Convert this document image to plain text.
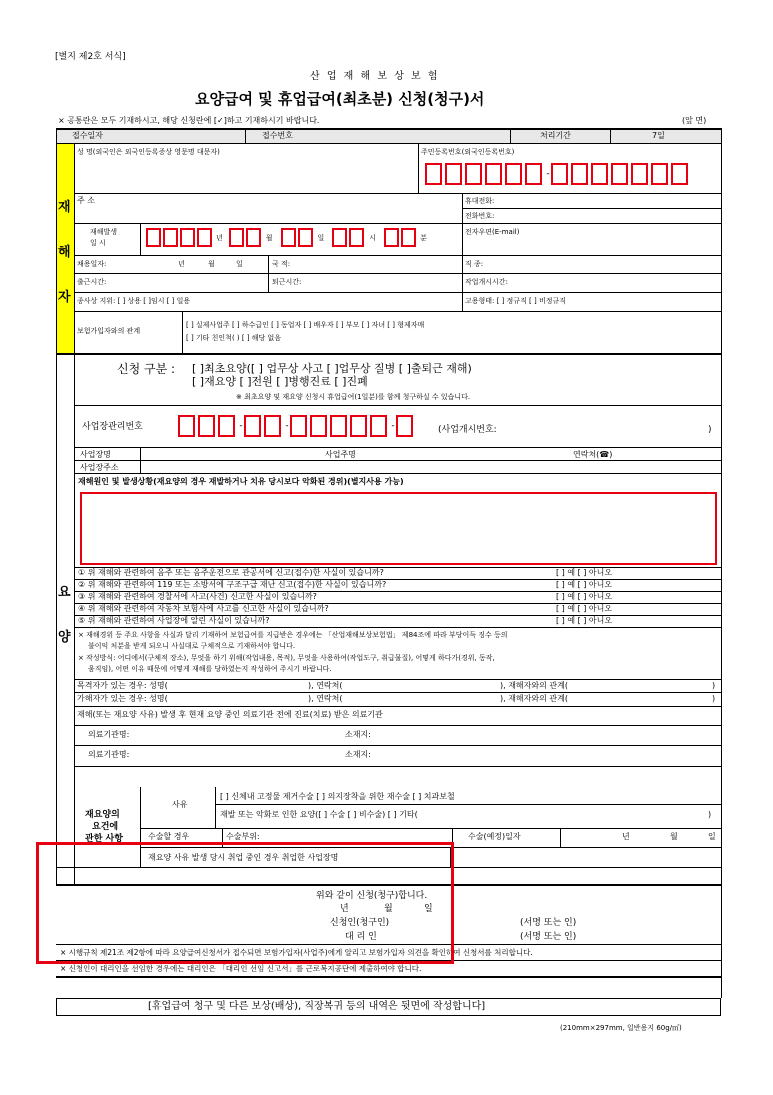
[별지 제2호 서식]
산 업 재 해 보 상 보 험
요양급여 및 휴업급여(최초분) 신청(청구)서
× 공통란은 모두 기재하시고, 해당 신청란에 [✓]하고 기재하시기 바랍니다.	(앞 면)
접수일자	접수번호	처리기간	7일
재
해
자
성 명(외국인은 외국인등록증상 영문명 대문자)	주민등록번호(외국인등록번호)
-
주 소	휴대전화:
전화번호:
재해발생
일 시
년	월	일	시	분
전자우편(E-mail)
채용일자:	년	월	일	국 적:	직 종:
출근시간:	퇴근시간:	작업개시시간:
종사상 지위: [ ] 상용 [ ]임시 [ ] 일용	고용형태: [ ] 정규직 [ ] 비정규직
보험가입자와의 관계
[ ] 실제사업주 [ ] 하수급인 [ ] 동업자 [ ] 배우자 [ ] 부모 [ ] 자녀 [ ] 형제자매
[ ] 기타 친인척( ) [ ] 해당 없음
요
양
신청 구분 : [ ]최초요양([ ] 업무상 사고 [ ]업무상 질병 [ ]출퇴근 재해)
[ ]재요양 [ ]전원 [ ]병행진료 [ ]진폐
※ 최초요양 및 재요양 신청시 휴업급여(1일분)를 함께 청구하실 수 있습니다.
사업장관리번호	-	-	-	(사업개시번호:	)
사업장명	사업주명	연락처(☎)
사업장주소
재해원인 및 발생상황(재요양의 경우 재발하거나 치유 당시보다 악화된 경위)(별지사용 가능)
① 위 재해와 관련하여 음주 또는 음주운전으로 관공서에 신고(접수)한 사실이 있습니까?	[ ] 예 [ ] 아니오
② 위 재해와 관련하여 119 또는 소방서에 구조구급 재난 신고(접수)한 사실이 있습니까?	[ ] 예 [ ] 아니오
③ 위 재해와 관련하여 경찰서에 사고(사건) 신고한 사실이 있습니까?	[ ] 예 [ ] 아니오
④ 위 재해와 관련하여 자동차 보험사에 사고를 신고한 사실이 있습니까?	[ ] 예 [ ] 아니오
⑤ 위 재해와 관련하여 사업장에 알린 사실이 있습니까?	[ ] 예 [ ] 아니오
× 재해경위 등 주요 사항을 사실과 달리 기재하여 보험급여를 지급받은 경우에는 「산업재해보상보험법」 제84조에 따라 부당이득 징수 등의
불이익 처분을 받게 되오니 사실대로 구체적으로 기재하셔야 합니다.
× 작성방식: 어디에서(구체적 장소), 무엇을 하기 위해(작업내용, 목적), 무엇을 사용하여(작업도구, 취급물질), 어떻게 하다가(경위, 동작,
움직임), 어떤 이유 때문에 어떻게 재해를 당하였는지 작성하여 주시기 바랍니다.
목격자가 있는 경우: 성명(	), 연락처(	), 재해자와의 관계(	)
가해자가 있는 경우: 성명(	), 연락처(	), 재해자와의 관계(	)
재해(또는 재요양 사유) 발생 후 현재 요양 중인 의료기관 전에 진료(치료) 받은 의료기관
의료기관명:	소재지:
의료기관명:	소재지:
재요양의
요건에
관한 사항
사유
[ ] 신체내 고정물 제거수술 [ ] 의지장착을 위한 재수술 [ ] 치과보철
재발 또는 악화로 인한 요양([ ] 수술 [ ] 비수술) [ ] 기타(	)
수술할 경우	수술부위:	수술(예정)일자	년	월	일
재요양 사유 발생 당시 취업 중인 경우 취업한 사업장명
위와 같이 신청(청구)합니다.
년	월	일
신청인(청구인)	(서명 또는 인)
대 리 인	(서명 또는 인)
× 시행규칙 제21조 제2항에 따라 요양급여신청서가 접수되면 보험가입자(사업주)에게 알리고 보험가입자 의견을 확인하여 신청서를 처리합니다.
× 신청인이 대리인을 선임한 경우에는 대리인은 「대리인 선임 신고서」를 근로복지공단에 제출하여야 합니다.
[휴업급여 청구 및 다른 보상(배상), 직장복귀 등의 내역은 뒷면에 작성합니다]
(210mm×297mm, 일반용지 60g/㎡)
